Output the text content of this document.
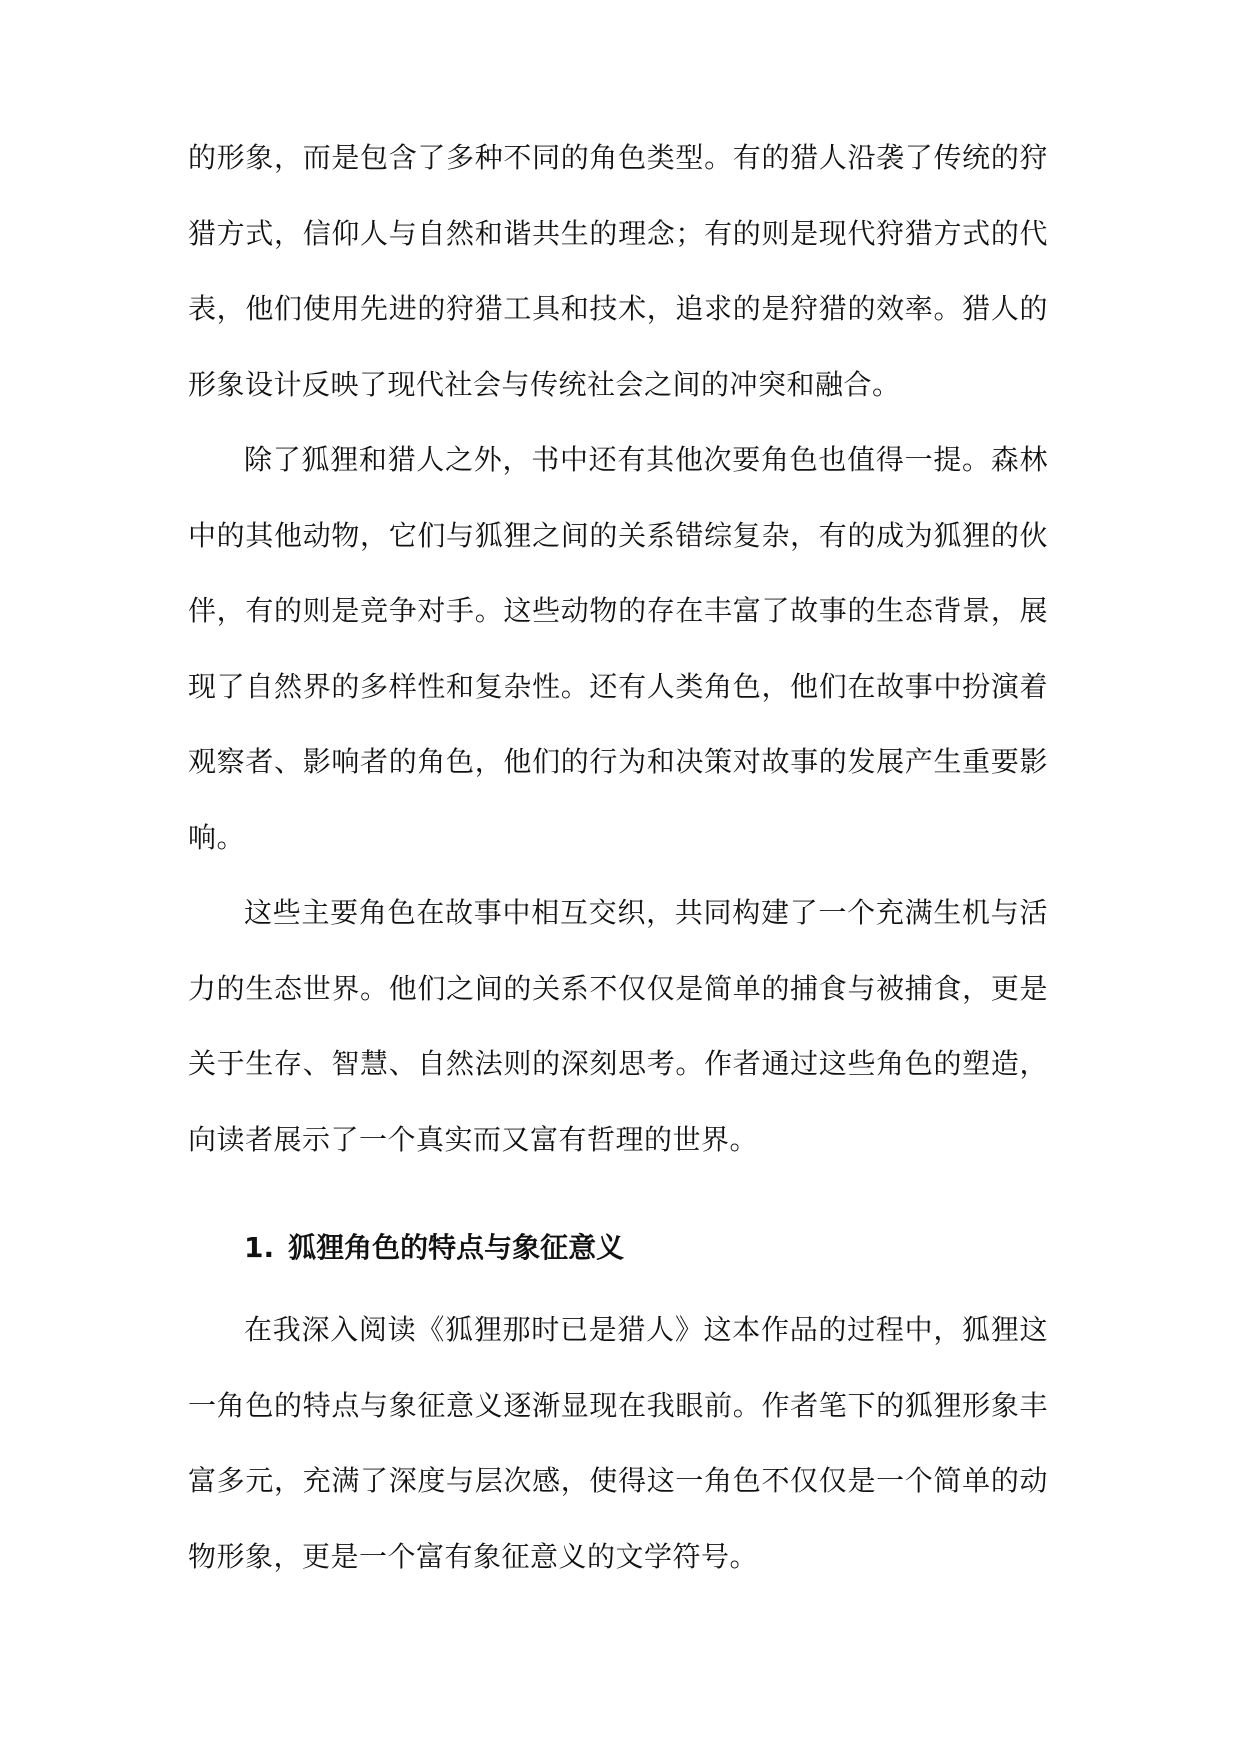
的形象，而是包含了多种不同的角色类型。有的猎人沿袭了传统的狩猎方式，信仰人与自然和谐共生的理念；有的则是现代狩猎方式的代表，他们使用先进的狩猎工具和技术，追求的是狩猎的效率。猎人的形象设计反映了现代社会与传统社会之间的冲突和融合。

除了狐狸和猎人之外，书中还有其他次要角色也值得一提。森林中的其他动物，它们与狐狸之间的关系错综复杂，有的成为狐狸的伙伴，有的则是竞争对手。这些动物的存在丰富了故事的生态背景，展现了自然界的多样性和复杂性。还有人类角色，他们在故事中扮演着观察者、影响者的角色，他们的行为和决策对故事的发展产生重要影响。

这些主要角色在故事中相互交织，共同构建了一个充满生机与活力的生态世界。他们之间的关系不仅仅是简单的捕食与被捕食，更是关于生存、智慧、自然法则的深刻思考。作者通过这些角色的塑造，向读者展示了一个真实而又富有哲理的世界。

1. 狐狸角色的特点与象征意义

在我深入阅读《狐狸那时已是猎人》这本作品的过程中，狐狸这一角色的特点与象征意义逐渐显现在我眼前。作者笔下的狐狸形象丰富多元，充满了深度与层次感，使得这一角色不仅仅是一个简单的动物形象，更是一个富有象征意义的文学符号。
